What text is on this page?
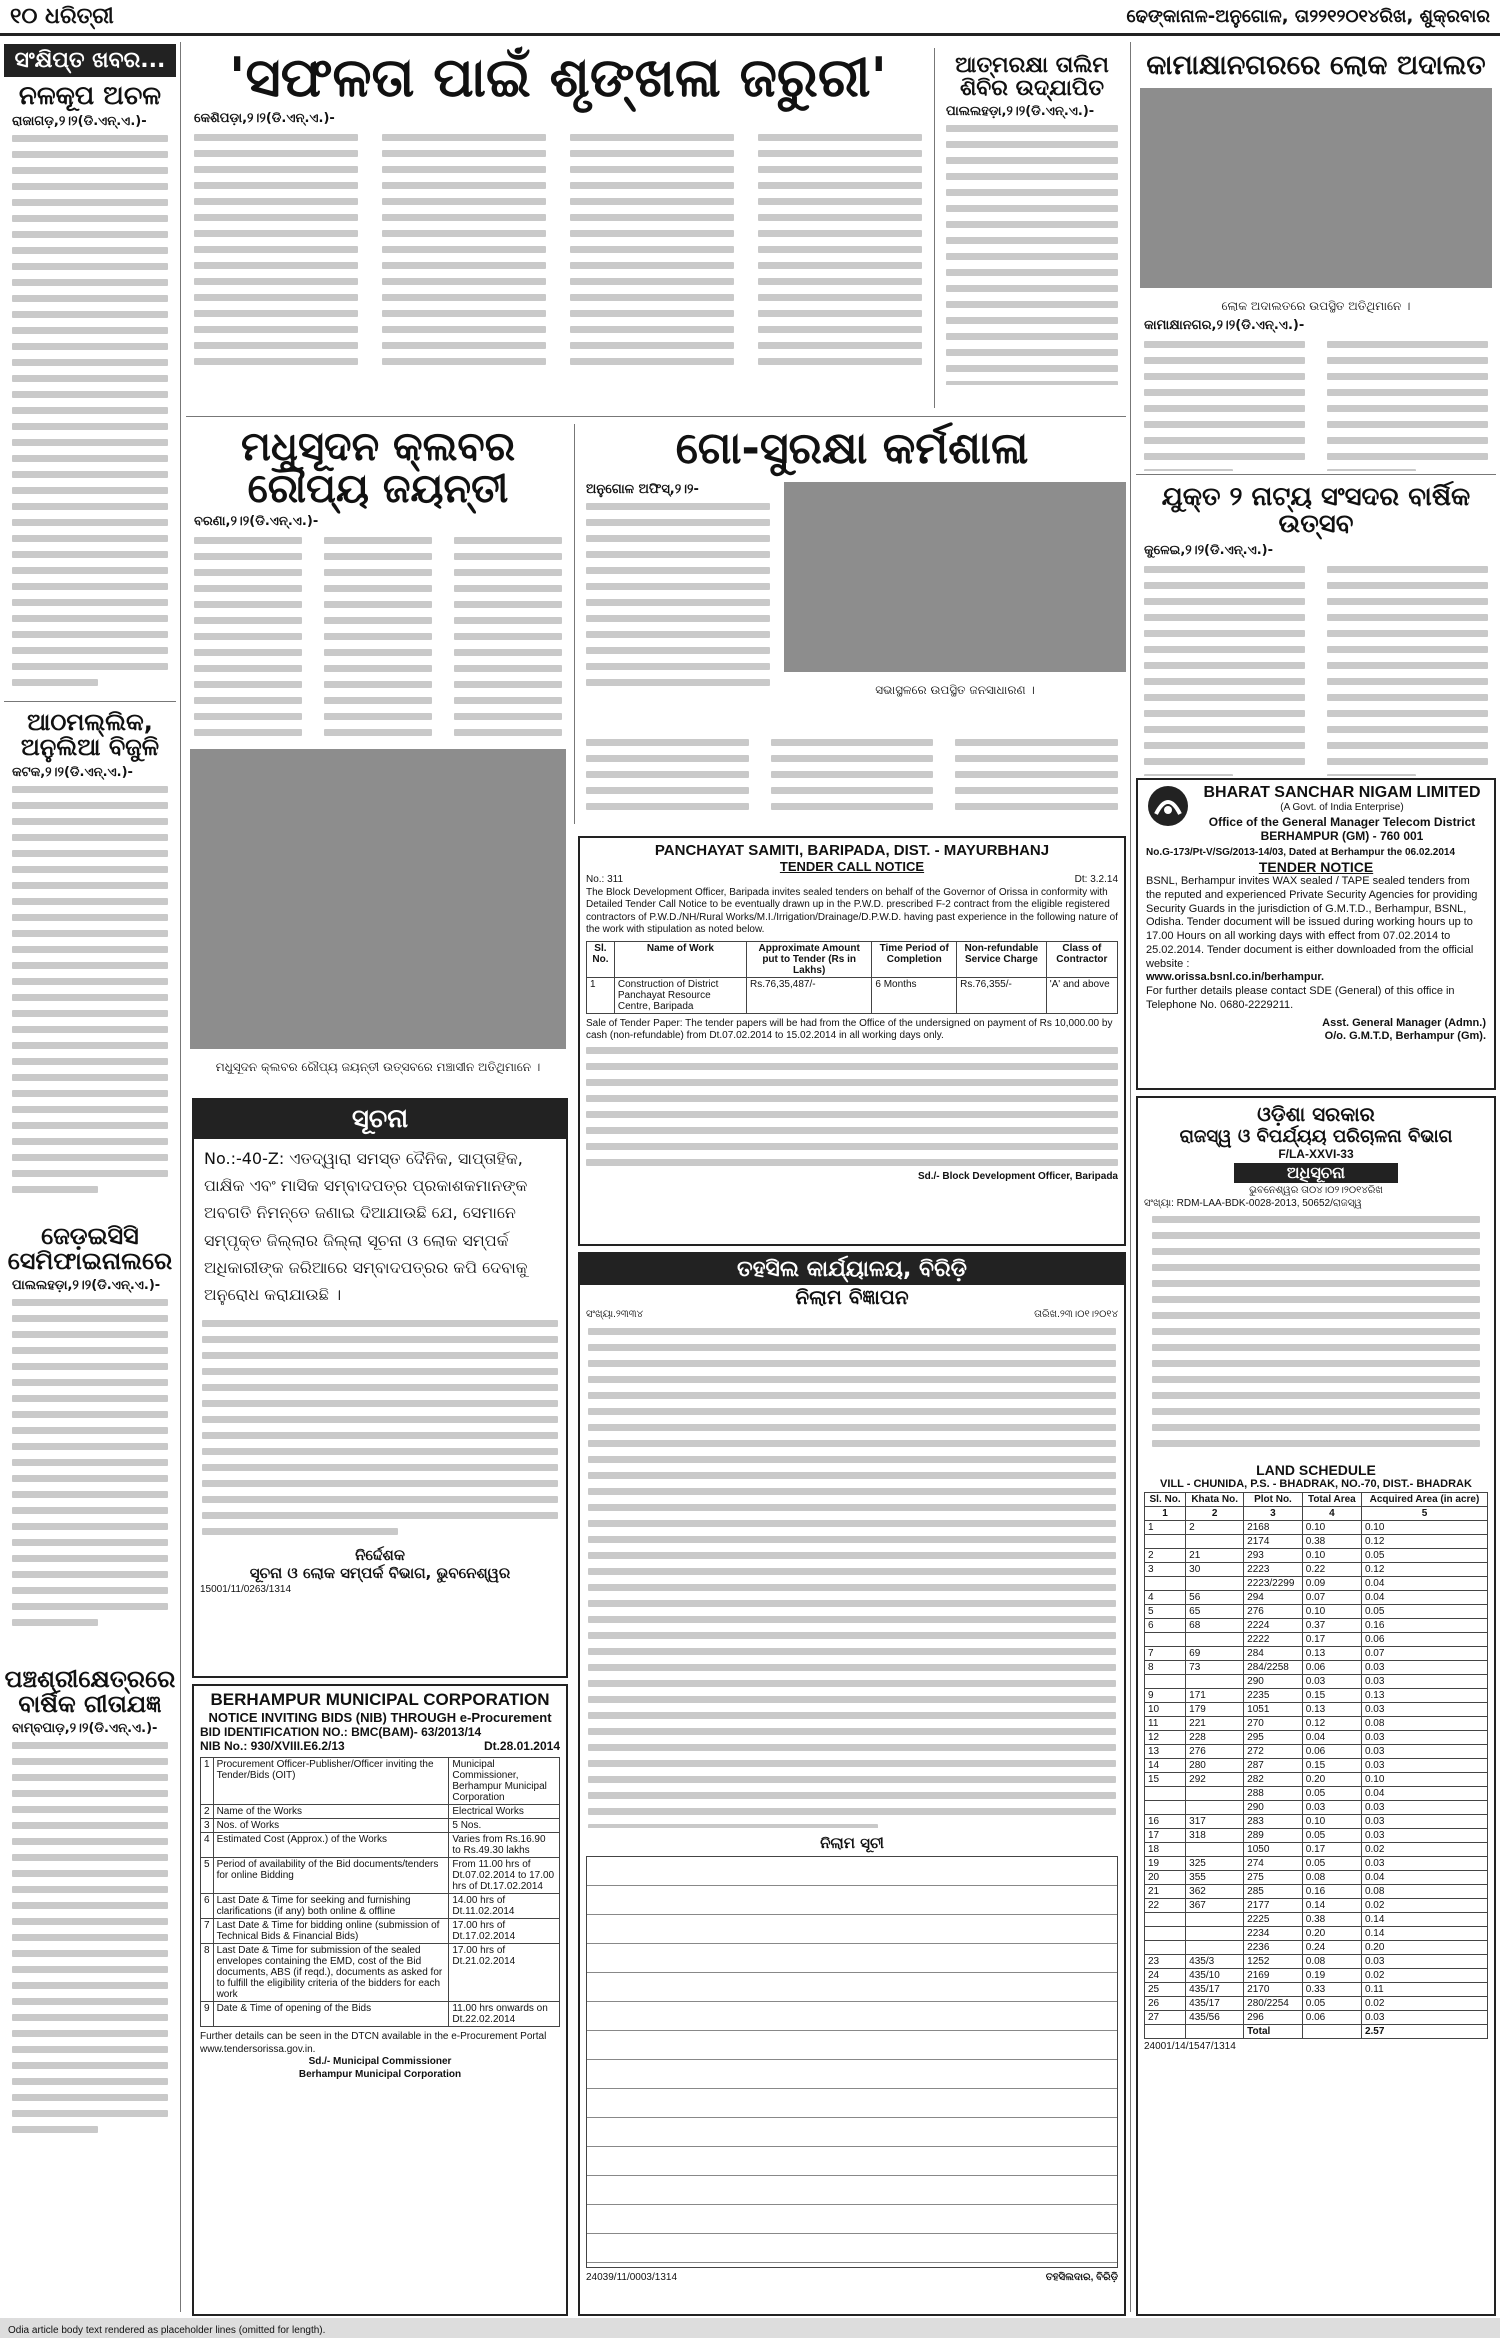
୧୦ ଧରିତ୍ରୀ	ଢେଙ୍କାନାଳ-ଅନୁଗୋଳ, ତା୨୨୧୨୦୧୪ରିଖ, ଶୁକ୍ରବାର
ସଂକ୍ଷିପ୍ତ ଖବର...
ନଳକୂପ ଅଚଳ
ରାଜାଗଡ଼,୨।୨(ଡି.ଏନ୍.ଏ.)-
ଆଠମଲ୍ଲିକ, ଅନୁଲିଆ ବିଜୁଳି
କଟକ,୨।୨(ଡି.ଏନ୍.ଏ.)-
ଜେଡ଼ଇସିସି ସେମିଫାଇନାଲରେ
ପାଲଲହଡ଼ା,୨।୨(ଡି.ଏନ୍.ଏ.)-
ପଞ୍ଚଶ୍ରୀକ୍ଷେତ୍ରରେ ବାର୍ଷିକ ଗୀତାଯଜ୍ଞ
ବାମ୍ବପାଡ଼,୨।୨(ଡି.ଏନ୍.ଏ.)-
'ସଫଳତା ପାଇଁ ଶୃଙ୍ଖଳା ଜରୁରୀ'
କେଶିପଡ଼ା,୨।୨(ଡି.ଏନ୍.ଏ.)-
ଆତ୍ମରକ୍ଷା ତାଲିମ ଶିବିର ଉଦ୍‌ଯାପିତ
ପାଲଲହଡ଼ା,୨।୨(ଡି.ଏନ୍.ଏ.)-
ମଧୁସୂଦନ କ୍ଲବର ରୌପ୍ୟ ଜୟନ୍ତୀ
ବରଣା,୨।୨(ଡି.ଏନ୍.ଏ.)-
ମଧୁସୂଦନ କ୍ଲବର ରୌପ୍ୟ ଜୟନ୍ତୀ ଉତ୍ସବରେ ମଞ୍ଚାସୀନ ଅତିଥିମାନେ ।
ଗୋ-ସୁରକ୍ଷା କର୍ମଶାଳା
ଅନୁଗୋଳ ଅଫିସ୍,୨।୨-
ସଭାସ୍ଥଳରେ ଉପସ୍ଥିତ ଜନସାଧାରଣ ।
PANCHAYAT SAMITI, BARIPADA, DIST. - MAYURBHANJ
TENDER CALL NOTICE
No.: 311	Dt: 3.2.14
The Block Development Officer, Baripada invites sealed tenders on behalf of the Governor of Orissa in conformity with Detailed Tender Call Notice to be eventually drawn up in the P.W.D. prescribed F-2 contract from the eligible registered contractors of P.W.D./NH/Rural Works/M.I./Irrigation/Drainage/D.P.W.D. having past experience in the following nature of the work with stipulation as noted below.
Sl. No.	Name of Work	Approximate Amount put to Tender (Rs in Lakhs)	Time Period of Completion	Non-refundable Service Charge	Class of Contractor
1	Construction of District Panchayat Resource Centre, Baripada	Rs.76,35,487/-	6 Months	Rs.76,355/-	'A' and above
Sale of Tender Paper: The tender papers will be had from the Office of the undersigned on payment of Rs 10,000.00 by cash (non-refundable) from Dt.07.02.2014 to 15.02.2014 in all working days only.
Sd./- Block Development Officer, Baripada
ସୂଚନା
No.:-40-Z: ଏତଦ୍ୱାରା ସମସ୍ତ ଦୈନିକ, ସାପ୍ତାହିକ, ପାକ୍ଷିକ ଏବଂ ମାସିକ ସମ୍ବାଦପତ୍ର ପ୍ରକାଶକମାନଙ୍କ ଅବଗତି ନିମନ୍ତେ ଜଣାଇ ଦିଆଯାଉଛି ଯେ, ସେମାନେ ସମ୍ପୃକ୍ତ ଜିଲ୍ଲାର ଜିଲ୍ଲା ସୂଚନା ଓ ଲୋକ ସମ୍ପର୍କ ଅଧିକାରୀଙ୍କ ଜରିଆରେ ସମ୍ବାଦପତ୍ରର କପି ଦେବାକୁ ଅନୁରୋଧ କରାଯାଉଛି ।
ନିର୍ଦ୍ଦେଶକ
ସୂଚନା ଓ ଲୋକ ସମ୍ପର୍କ ବିଭାଗ, ଭୁବନେଶ୍ୱର
15001/11/0263/1314
BERHAMPUR MUNICIPAL CORPORATION
NOTICE INVITING BIDS (NIB) THROUGH e-Procurement
BID IDENTIFICATION NO.: BMC(BAM)- 63/2013/14
NIB No.: 930/XVIII.E6.2/13	Dt.28.01.2014
1	Procurement Officer-Publisher/Officer inviting the Tender/Bids (OIT)	Municipal Commissioner, Berhampur Municipal Corporation
2	Name of the Works	Electrical Works
3	Nos. of Works	5 Nos.
4	Estimated Cost (Approx.) of the Works	Varies from Rs.16.90 to Rs.49.30 lakhs
5	Period of availability of the Bid documents/tenders for online Bidding	From 11.00 hrs of Dt.07.02.2014 to 17.00 hrs of Dt.17.02.2014
6	Last Date & Time for seeking and furnishing clarifications (if any) both online & offline	14.00 hrs of Dt.11.02.2014
7	Last Date & Time for bidding online (submission of Technical Bids & Financial Bids)	17.00 hrs of Dt.17.02.2014
8	Last Date & Time for submission of the sealed envelopes containing the EMD, cost of the Bid documents, ABS (if reqd.), documents as asked for to fulfill the eligibility criteria of the bidders for each work	17.00 hrs of Dt.21.02.2014
9	Date & Time of opening of the Bids	11.00 hrs onwards on Dt.22.02.2014
Further details can be seen in the DTCN available in the e-Procurement Portal www.tendersorissa.gov.in.
Sd./- Municipal Commissioner
Berhampur Municipal Corporation
ତହସିଲ କାର୍ଯ୍ୟାଳୟ, ବିରିଡ଼ି
ନିଲାମ ବିଜ୍ଞାପନ
ସଂଖ୍ୟା.୨୩୩୪	ତାରିଖ.୨୩।୦୧।୨୦୧୪
ନିଲାମ ସୂଚୀ
24039/11/0003/1314	ତହସିଲଦାର, ବିରିଡ଼ି
କାମାକ୍ଷାନଗରରେ ଲୋକ ଅଦାଲତ
ଲୋକ ଅଦାଲତରେ ଉପସ୍ଥିତ ଅତିଥିମାନେ ।
କାମାକ୍ଷାନଗର,୨।୨(ଡି.ଏନ୍.ଏ.)-
ଯୁକ୍ତ ୨ ନାଟ୍ୟ ସଂସଦର ବାର୍ଷିକ ଉତ୍ସବ
କୁଳେଇ,୨।୨(ଡି.ଏନ୍.ଏ.)-
BHARAT SANCHAR NIGAM LIMITED
(A Govt. of India Enterprise)
Office of the General Manager Telecom District
BERHAMPUR (GM) - 760 001
No.G-173/Pt-V/SG/2013-14/03, Dated at Berhampur the 06.02.2014
TENDER NOTICE
BSNL, Berhampur invites WAX sealed / TAPE sealed tenders from the reputed and experienced Private Security Agencies for providing Security Guards in the jurisdiction of G.M.T.D., Berhampur, BSNL, Odisha. Tender document will be issued during working hours up to 17.00 Hours on all working days with effect from 07.02.2014 to 25.02.2014. Tender document is either downloaded from the official website :
www.orissa.bsnl.co.in/berhampur.
For further details please contact SDE (General) of this office in Telephone No. 0680-2229211.
Asst. General Manager (Admn.)
O/o. G.M.T.D, Berhampur (Gm).
ଓଡ଼ିଶା ସରକାର
ରାଜସ୍ୱ ଓ ବିପର୍ଯ୍ୟୟ ପରିଚାଳନା ବିଭାଗ
F/LA-XXVI-33
ଅଧିସୂଚନା
ଭୁବନେଶ୍ୱର ତା୦୪।୦୨।୨୦୧୪ରିଖ
ସଂଖ୍ୟା: RDM-LAA-BDK-0028-2013, 50652/ରାଜସ୍ୱ
LAND SCHEDULE
VILL - CHUNIDA, P.S. - BHADRAK, NO.-70, DIST.- BHADRAK
Sl. No.	Khata No.	Plot No.	Total Area	Acquired Area (in acre)
1	2	3	4	5
1	2	2168	0.10	0.10
		2174	0.38	0.12
2	21	293	0.10	0.05
3	30	2223	0.22	0.12
		2223/2299	0.09	0.04
4	56	294	0.07	0.04
5	65	276	0.10	0.05
6	68	2224	0.37	0.16
		2222	0.17	0.06
7	69	284	0.13	0.07
8	73	284/2258	0.06	0.03
		290	0.03	0.03
9	171	2235	0.15	0.13
10	179	1051	0.13	0.03
11	221	270	0.12	0.08
12	228	295	0.04	0.03
13	276	272	0.06	0.03
14	280	287	0.15	0.03
15	292	282	0.20	0.10
		288	0.05	0.04
		290	0.03	0.03
16	317	283	0.10	0.03
17	318	289	0.05	0.03
18		1050	0.17	0.02
19	325	274	0.05	0.03
20	355	275	0.08	0.04
21	362	285	0.16	0.08
22	367	2177	0.14	0.02
		2225	0.38	0.14
		2234	0.20	0.14
		2236	0.24	0.20
23	435/3	1252	0.08	0.03
24	435/10	2169	0.19	0.02
25	435/17	2170	0.33	0.11
26	435/17	280/2254	0.05	0.02
27	435/56	296	0.06	0.03
		Total		2.57
24001/14/1547/1314
Odia article body text rendered as placeholder lines (omitted for length).
